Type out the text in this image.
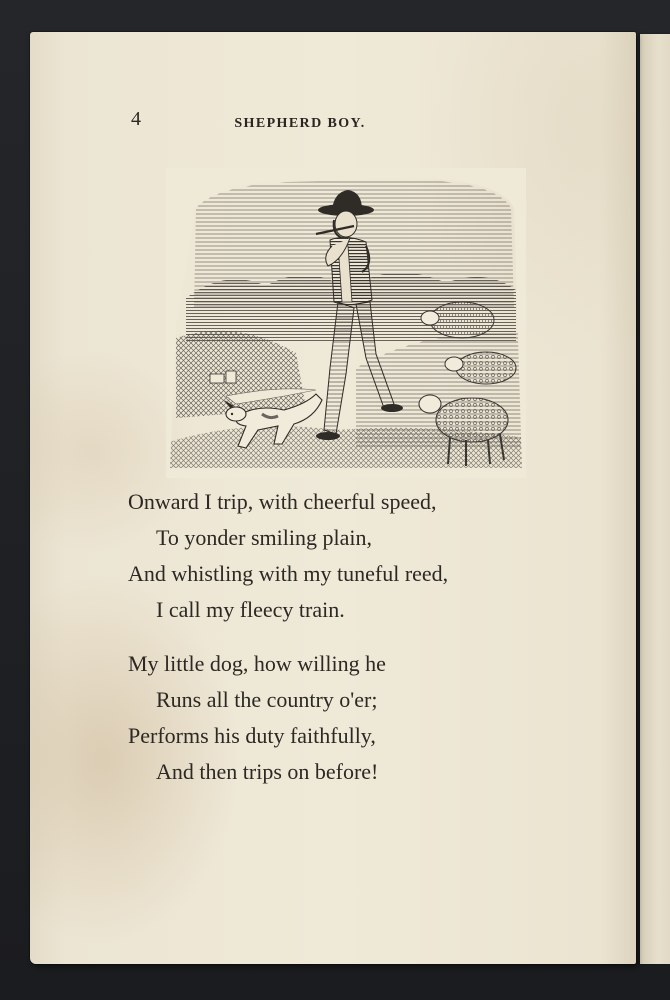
4	SHEPHERD BOY.

Onward I trip, with cheerful speed,
To yonder smiling plain,
And whistling with my tuneful reed,
I call my fleecy train.
My little dog, how willing he
Runs all the country o'er;
Performs his duty faithfully,
And then trips on before!
